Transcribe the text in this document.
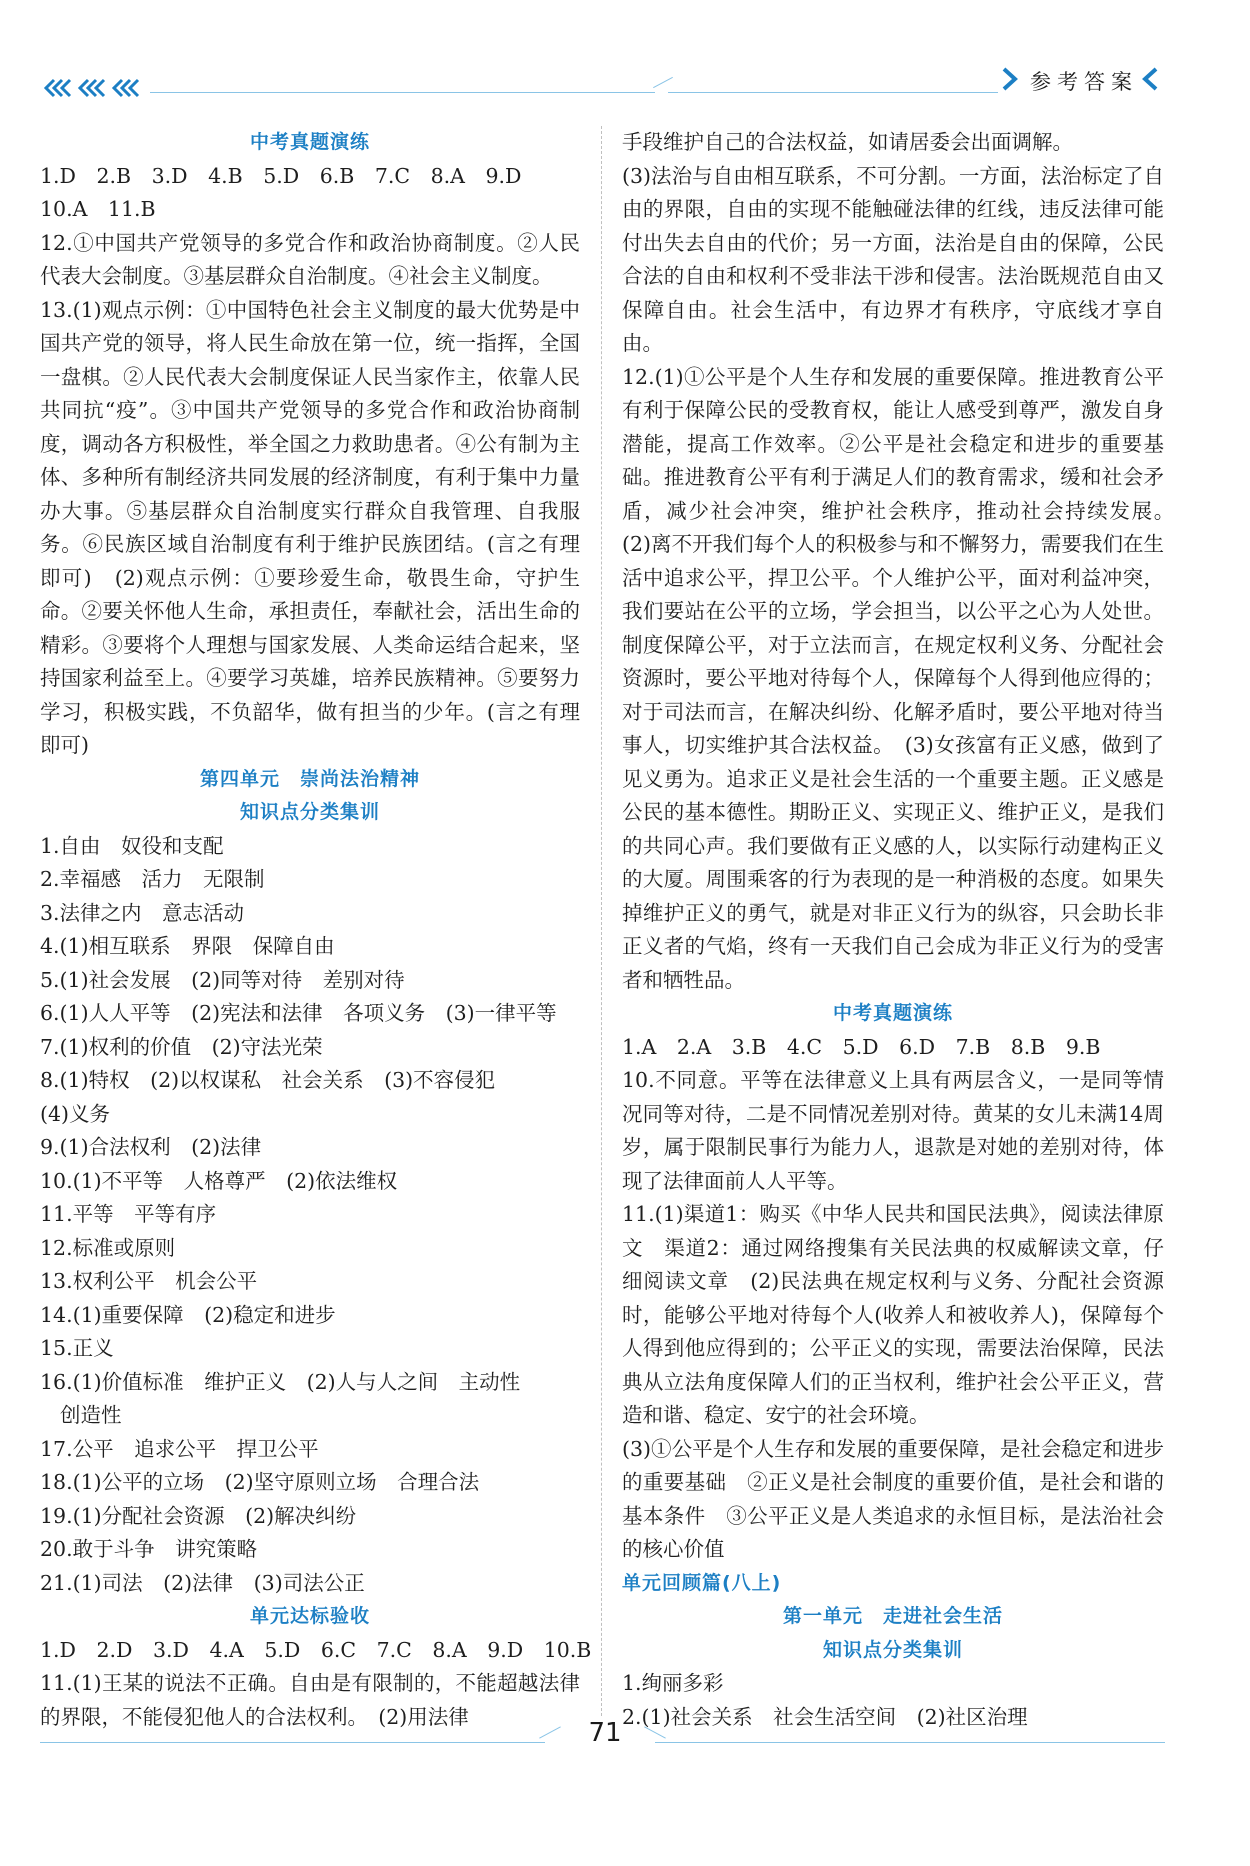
参考答案
中考真题演练
1.D　2.B　3.D　4.B　5.D　6.B　7.C　8.A　9.D
10.A　11.B
12.①中国共产党领导的多党合作和政治协商制度。②人民代表大会制度。③基层群众自治制度。④社会主义制度。
13.(1)观点示例：①中国特色社会主义制度的最大优势是中国共产党的领导，将人民生命放在第一位，统一指挥，全国一盘棋。②人民代表大会制度保证人民当家作主，依靠人民共同抗“疫”。③中国共产党领导的多党合作和政治协商制度，调动各方积极性，举全国之力救助患者。④公有制为主体、多种所有制经济共同发展的经济制度，有利于集中力量办大事。⑤基层群众自治制度实行群众自我管理、自我服务。⑥民族区域自治制度有利于维护民族团结。(言之有理即可)　(2)观点示例：①要珍爱生命，敬畏生命，守护生命。②要关怀他人生命，承担责任，奉献社会，活出生命的精彩。③要将个人理想与国家发展、人类命运结合起来，坚持国家利益至上。④要学习英雄，培养民族精神。⑤要努力学习，积极实践，不负韶华，做有担当的少年。(言之有理即可)
第四单元　崇尚法治精神
知识点分类集训
1.自由　奴役和支配
2.幸福感　活力　无限制
3.法律之内　意志活动
4.(1)相互联系　界限　保障自由
5.(1)社会发展　(2)同等对待　差别对待
6.(1)人人平等　(2)宪法和法律　各项义务　(3)一律平等
7.(1)权利的价值　(2)守法光荣
8.(1)特权　(2)以权谋私　社会关系　(3)不容侵犯
(4)义务
9.(1)合法权利　(2)法律
10.(1)不平等　人格尊严　(2)依法维权
11.平等　平等有序
12.标准或原则
13.权利公平　机会公平
14.(1)重要保障　(2)稳定和进步
15.正义
16.(1)价值标准　维护正义　(2)人与人之间　主动性
创造性
17.公平　追求公平　捍卫公平
18.(1)公平的立场　(2)坚守原则立场　合理合法
19.(1)分配社会资源　(2)解决纠纷
20.敢于斗争　讲究策略
21.(1)司法　(2)法律　(3)司法公正
单元达标验收
1.D　2.D　3.D　4.A　5.D　6.C　7.C　8.A　9.D　10.B
11.(1)王某的说法不正确。自由是有限制的，不能超越法律的界限，不能侵犯他人的合法权利。　(2)用法律
手段维护自己的合法权益，如请居委会出面调解。
(3)法治与自由相互联系，不可分割。一方面，法治标定了自由的界限，自由的实现不能触碰法律的红线，违反法律可能付出失去自由的代价；另一方面，法治是自由的保障，公民合法的自由和权利不受非法干涉和侵害。法治既规范自由又保障自由。社会生活中，有边界才有秩序，守底线才享自由。
12.(1)①公平是个人生存和发展的重要保障。推进教育公平有利于保障公民的受教育权，能让人感受到尊严，激发自身潜能，提高工作效率。②公平是社会稳定和进步的重要基础。推进教育公平有利于满足人们的教育需求，缓和社会矛盾，减少社会冲突，维护社会秩序，推动社会持续发展。　(2)离不开我们每个人的积极参与和不懈努力，需要我们在生活中追求公平，捍卫公平。个人维护公平，面对利益冲突，我们要站在公平的立场，学会担当，以公平之心为人处世。制度保障公平，对于立法而言，在规定权利义务、分配社会资源时，要公平地对待每个人，保障每个人得到他应得的；对于司法而言，在解决纠纷、化解矛盾时，要公平地对待当事人，切实维护其合法权益。　(3)女孩富有正义感，做到了见义勇为。追求正义是社会生活的一个重要主题。正义感是公民的基本德性。期盼正义、实现正义、维护正义，是我们的共同心声。我们要做有正义感的人，以实际行动建构正义的大厦。周围乘客的行为表现的是一种消极的态度。如果失掉维护正义的勇气，就是对非正义行为的纵容，只会助长非正义者的气焰，终有一天我们自己会成为非正义行为的受害者和牺牲品。
中考真题演练
1.A　2.A　3.B　4.C　5.D　6.D　7.B　8.B　9.B
10.不同意。平等在法律意义上具有两层含义，一是同等情况同等对待，二是不同情况差别对待。黄某的女儿未满14周岁，属于限制民事行为能力人，退款是对她的差别对待，体现了法律面前人人平等。
11.(1)渠道1：购买《中华人民共和国民法典》，阅读法律原文　渠道2：通过网络搜集有关民法典的权威解读文章，仔细阅读文章　(2)民法典在规定权利与义务、分配社会资源时，能够公平地对待每个人(收养人和被收养人)，保障每个人得到他应得到的；公平正义的实现，需要法治保障，民法典从立法角度保障人们的正当权利，维护社会公平正义，营造和谐、稳定、安宁的社会环境。
(3)①公平是个人生存和发展的重要保障，是社会稳定和进步的重要基础　②正义是社会制度的重要价值，是社会和谐的基本条件　③公平正义是人类追求的永恒目标，是法治社会的核心价值
单元回顾篇(八上)
第一单元　走进社会生活
知识点分类集训
1.绚丽多彩
2.(1)社会关系　社会生活空间　(2)社区治理
71
